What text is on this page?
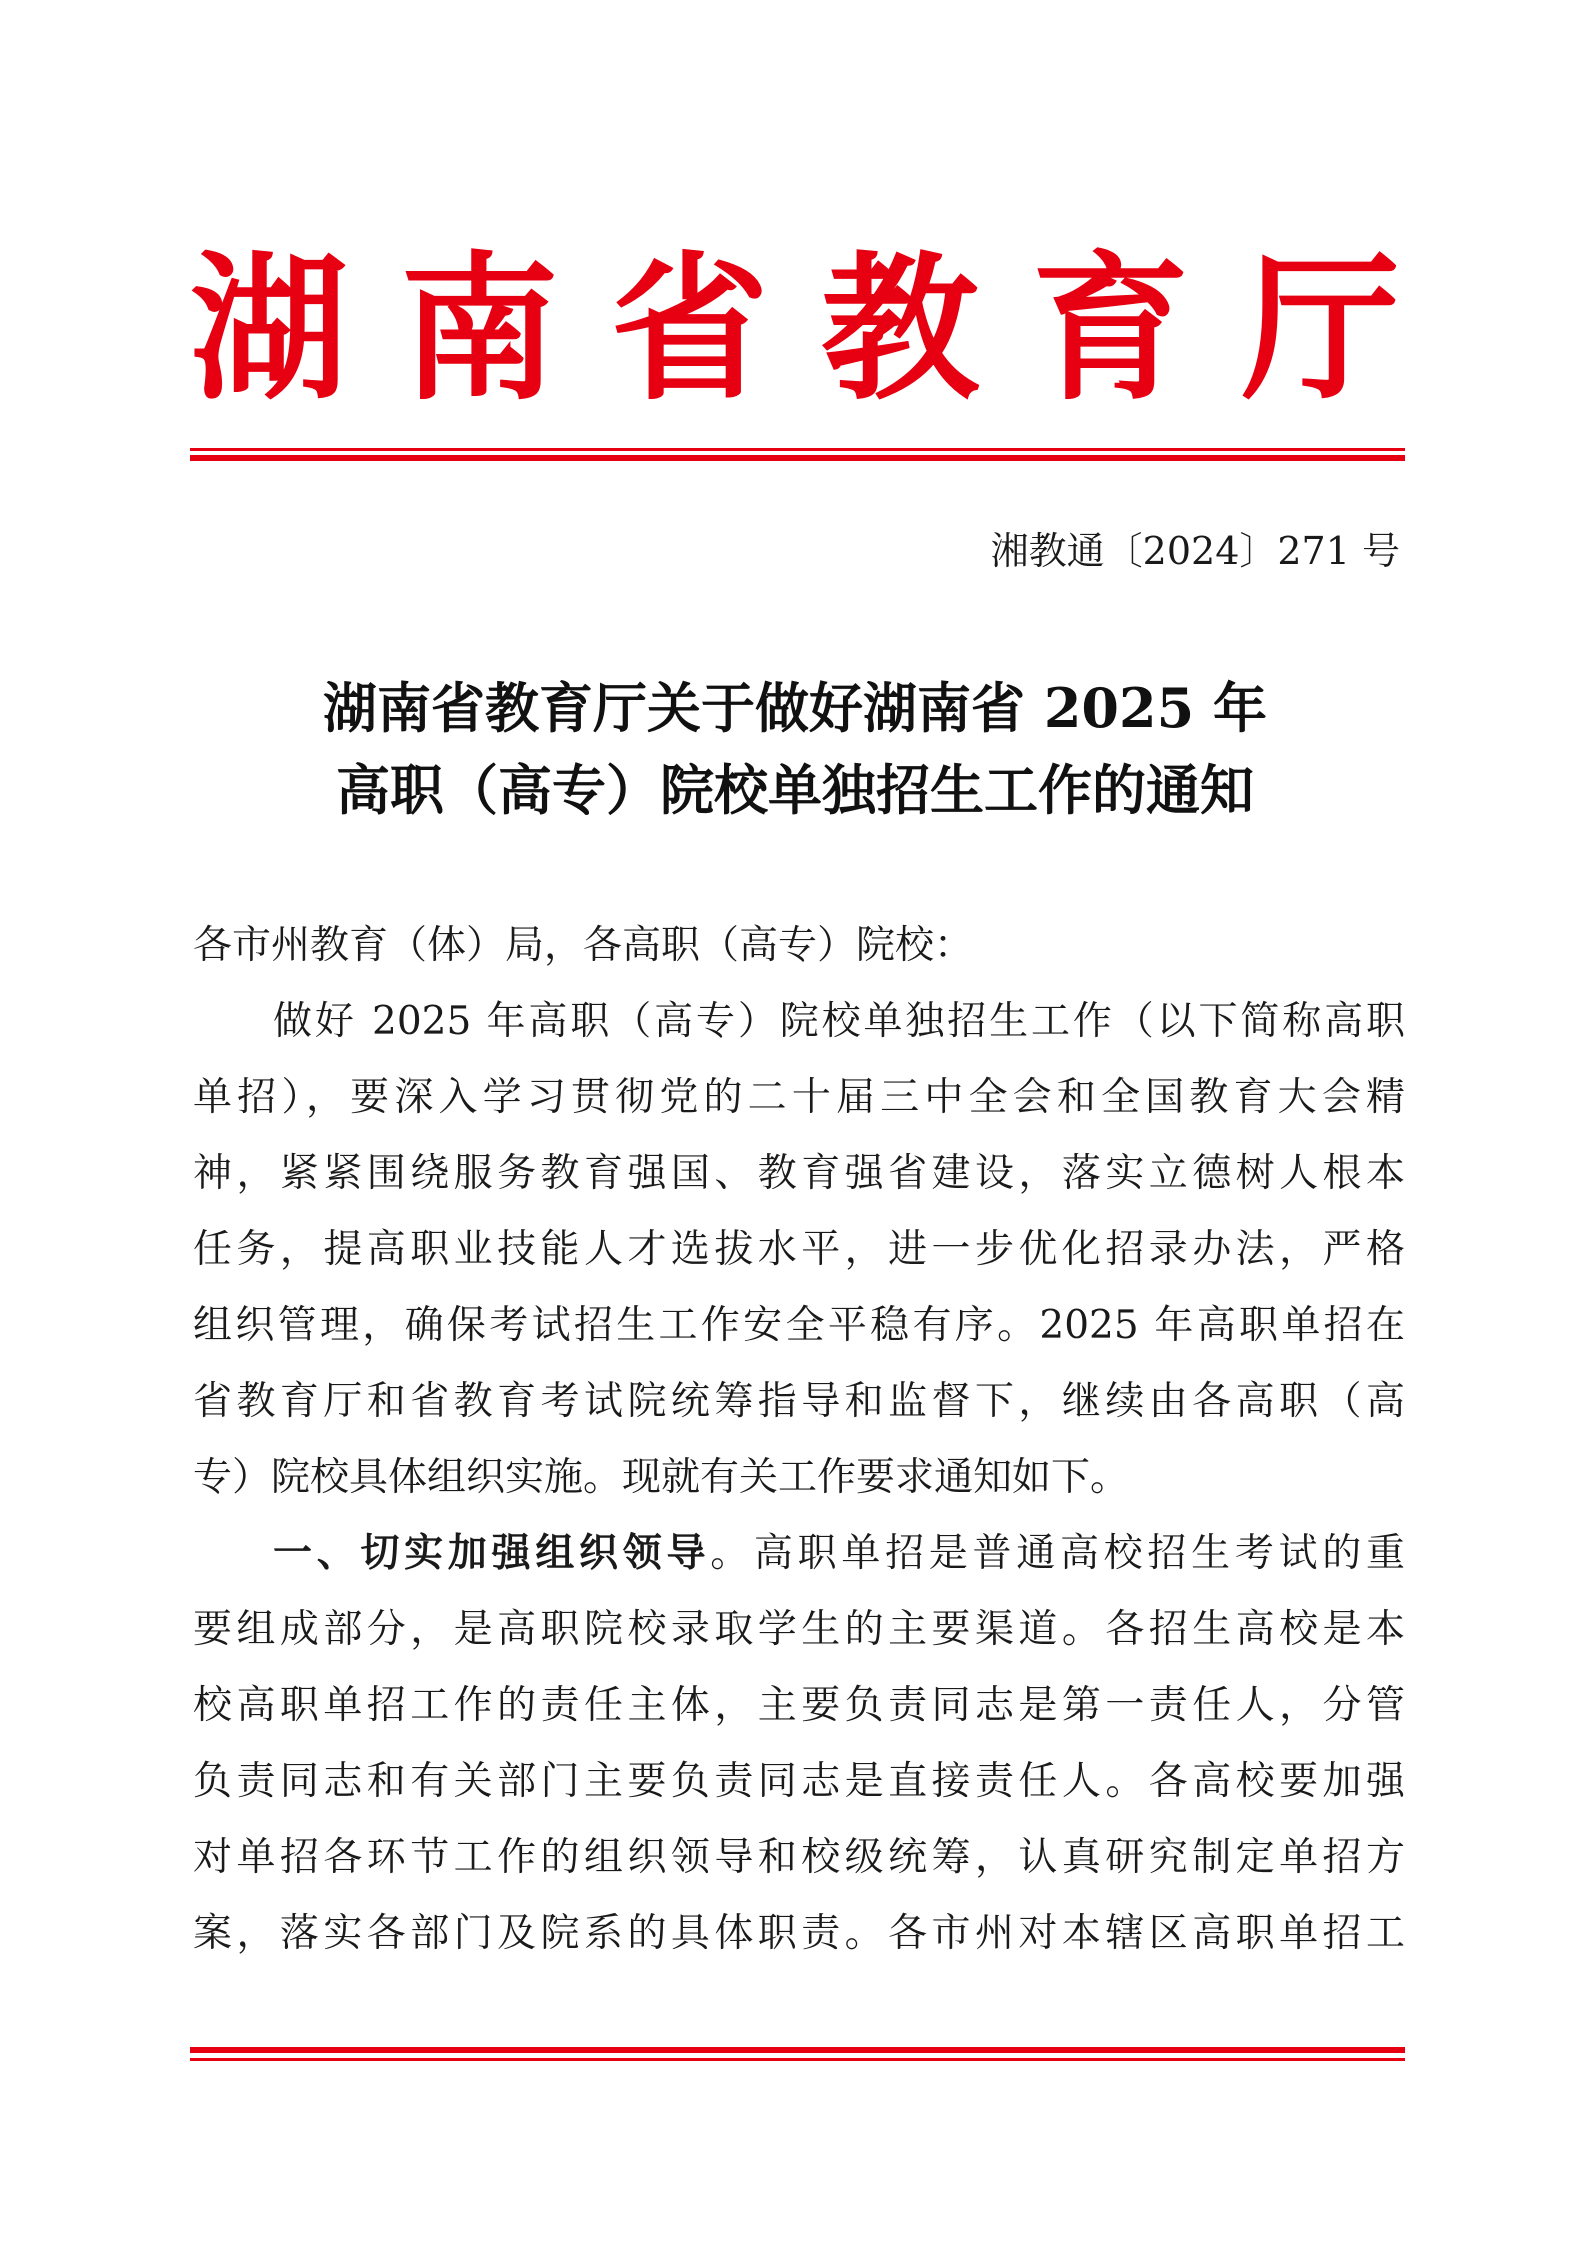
湖 南 省 教 育 厅
湘教通〔2024〕271 号
湖南省教育厅关于做好湖南省 2025 年
高职（高专）院校单独招生工作的通知
各市州教育（体）局，各高职（高专）院校：
做好 2025 年高职（高专）院校单独招生工作（以下简称高职
单招），要深入学习贯彻党的二十届三中全会和全国教育大会精
神，紧紧围绕服务教育强国、教育强省建设，落实立德树人根本
任务，提高职业技能人才选拔水平，进一步优化招录办法，严格
组织管理，确保考试招生工作安全平稳有序。2025 年高职单招在
省教育厅和省教育考试院统筹指导和监督下，继续由各高职（高
专）院校具体组织实施。现就有关工作要求通知如下。
一、切实加强组织领导。高职单招是普通高校招生考试的重
要组成部分，是高职院校录取学生的主要渠道。各招生高校是本
校高职单招工作的责任主体，主要负责同志是第一责任人，分管
负责同志和有关部门主要负责同志是直接责任人。各高校要加强
对单招各环节工作的组织领导和校级统筹，认真研究制定单招方
案，落实各部门及院系的具体职责。各市州对本辖区高职单招工
